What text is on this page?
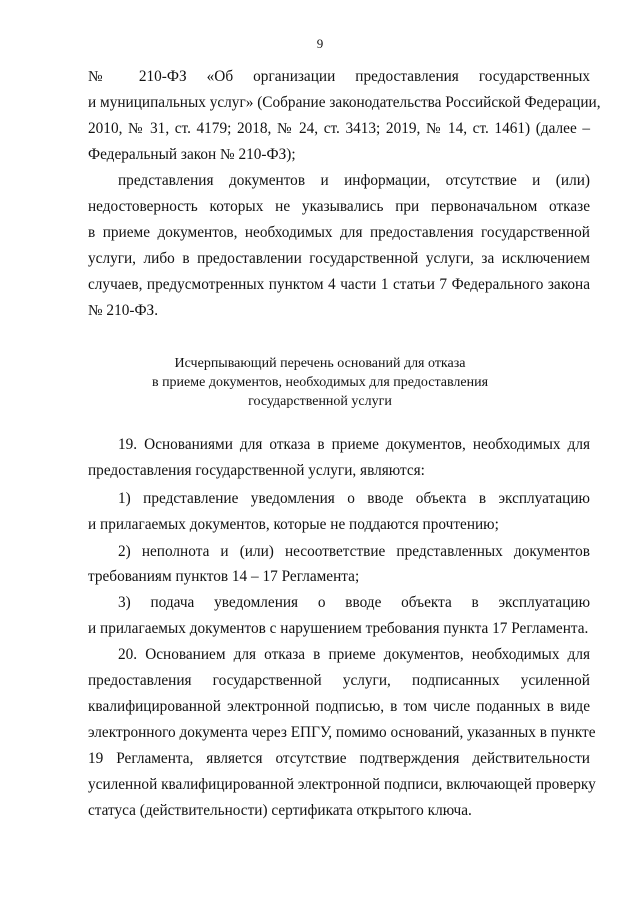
9
№ 210-ФЗ «Об организации предоставления государственных
и муниципальных услуг» (Собрание законодательства Российской Федерации,
2010, № 31, ст. 4179; 2018, № 24, ст. 3413; 2019, № 14, ст. 1461) (далее –
Федеральный закон № 210-ФЗ);
представления документов и информации, отсутствие и (или)
недостоверность которых не указывались при первоначальном отказе
в приеме документов, необходимых для предоставления государственной
услуги, либо в предоставлении государственной услуги, за исключением
случаев, предусмотренных пунктом 4 части 1 статьи 7 Федерального закона
№ 210-ФЗ.
Исчерпывающий перечень оснований для отказа
в приеме документов, необходимых для предоставления
государственной услуги
19. Основаниями для отказа в приеме документов, необходимых для
предоставления государственной услуги, являются:
1) представление уведомления о вводе объекта в эксплуатацию
и прилагаемых документов, которые не поддаются прочтению;
2) неполнота и (или) несоответствие представленных документов
требованиям пунктов 14 – 17 Регламента;
3) подача уведомления о вводе объекта в эксплуатацию
и прилагаемых документов с нарушением требования пункта 17 Регламента.
20. Основанием для отказа в приеме документов, необходимых для
предоставления государственной услуги, подписанных усиленной
квалифицированной электронной подписью, в том числе поданных в виде
электронного документа через ЕПГУ, помимо оснований, указанных в пункте
19 Регламента, является отсутствие подтверждения действительности
усиленной квалифицированной электронной подписи, включающей проверку
статуса (действительности) сертификата открытого ключа.
